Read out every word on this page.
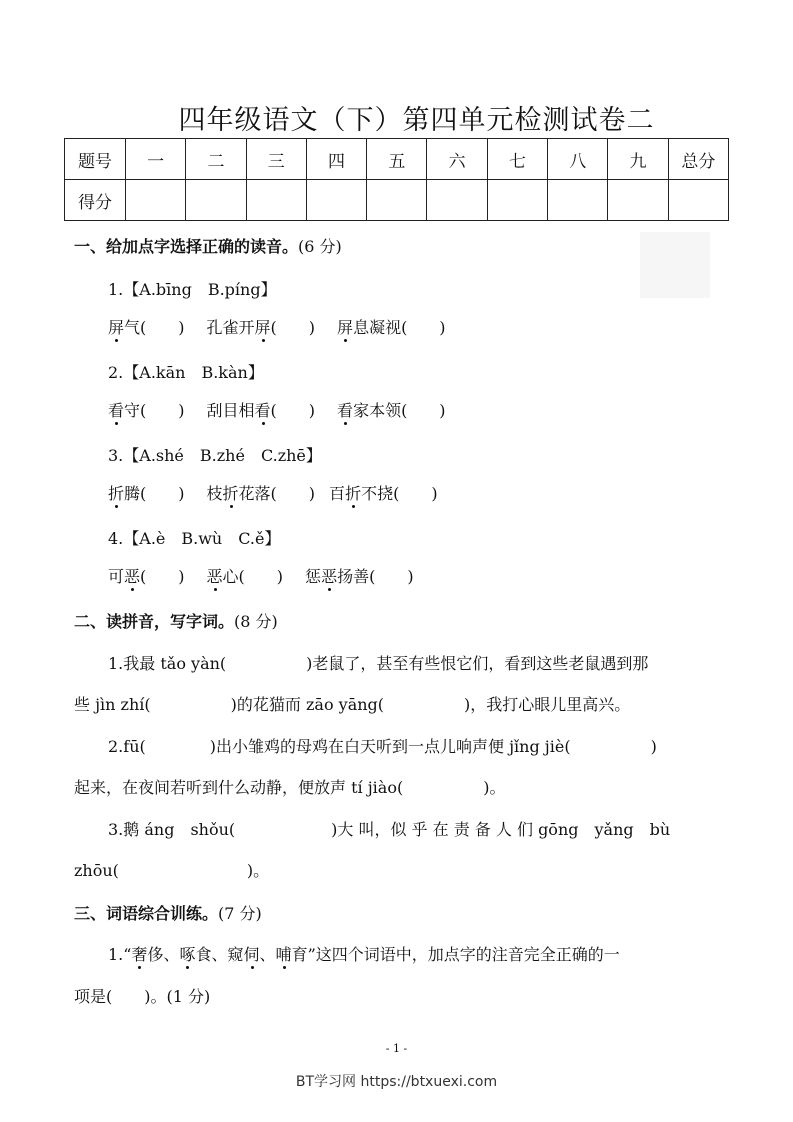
四年级语文（下）第四单元检测试卷二
题号	一	二	三	四	五	六	七	八	九	总分
得分										
一、给加点字选择正确的读音。(6 分)
1.【A.bīng　B.píng】
屏气(　　) 孔雀开屏(　　) 屏息凝视(　　)
2.【A.kān　B.kàn】
看守(　　) 刮目相看(　　) 看家本领(　　)
3.【A.shé　B.zhé　C.zhē】
折腾(　　) 枝折花落(　　) 百折不挠(　　)
4.【A.è　B.wù　C.ě】
可恶(　　) 恶心(　　) 惩恶扬善(　　)
二、读拼音，写字词。(8 分)
1.我最 tǎo yàn(　　　　　)老鼠了，甚至有些恨它们，看到这些老鼠遇到那
些 jìn zhí(　　　　　)的花猫而 zāo yāng(　　　　　)，我打心眼儿里高兴。
2.fū(　　　　)出小雏鸡的母鸡在白天听到一点儿响声便 jǐng jiè(　　　　　)
起来，在夜间若听到什么动静，便放声 tí jiào(　　　　　)。
3.鹅 áng　shǒu(　　　　　　)大 叫，似 乎 在 责 备 人 们 gōng　yǎng　bù
zhōu(　　　　　　　　)。
三、词语综合训练。(7 分)
1.“奢侈、啄食、窥伺、哺育”这四个词语中，加点字的注音完全正确的一
项是(　　)。(1 分)
- 1 -
BT学习网 https://btxuexi.com
